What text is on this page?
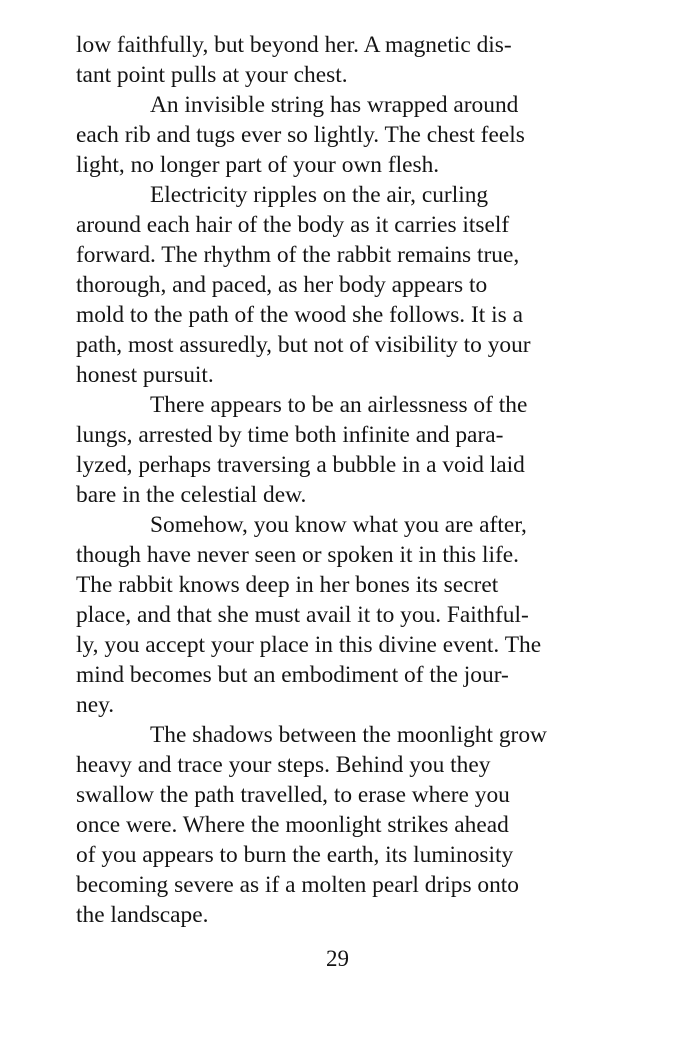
low faithfully, but beyond her. A magnetic dis-
tant point pulls at your chest.
An invisible string has wrapped around
each rib and tugs ever so lightly. The chest feels
light, no longer part of your own flesh.
Electricity ripples on the air, curling
around each hair of the body as it carries itself
forward. The rhythm of the rabbit remains true,
thorough, and paced, as her body appears to
mold to the path of the wood she follows. It is a
path, most assuredly, but not of visibility to your
honest pursuit.
There appears to be an airlessness of the
lungs, arrested by time both infinite and para-
lyzed, perhaps traversing a bubble in a void laid
bare in the celestial dew.
Somehow, you know what you are after,
though have never seen or spoken it in this life.
The rabbit knows deep in her bones its secret
place, and that she must avail it to you. Faithful-
ly, you accept your place in this divine event. The
mind becomes but an embodiment of the jour-
ney.
The shadows between the moonlight grow
heavy and trace your steps. Behind you they
swallow the path travelled, to erase where you
once were. Where the moonlight strikes ahead
of you appears to burn the earth, its luminosity
becoming severe as if a molten pearl drips onto
the landscape.
29
